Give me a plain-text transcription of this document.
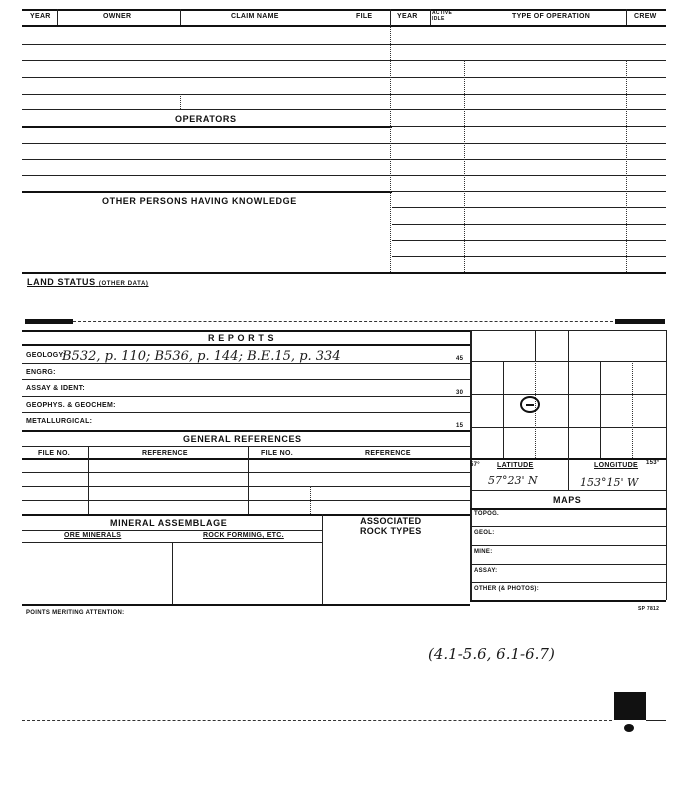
YEAR	OWNER	CLAIM NAME	FILE	YEAR	ACTIVE
IDLE	TYPE OF OPERATION	CREW
OPERATORS
OTHER PERSONS HAVING KNOWLEDGE
LAND STATUS (OTHER DATA)
R E P O R T S
GEOLOGY:
B532, p. 110; B536, p. 144; B.E.15, p. 334	45
ENGRG:
ASSAY & IDENT:
30
GEOPHYS. & GEOCHEM:
METALLURGICAL:
15
57° LATITUDE	LONGITUDE 153°
57°23' N	153°15' W
MAPS
TOPOG.
GEOL:
MINE:
ASSAY:
OTHER (& PHOTOS):
GENERAL REFERENCES
FILE NO.	REFERENCE	FILE NO.	REFERENCE
MINERAL ASSEMBLAGE	ASSOCIATED
ROCK TYPES
ORE MINERALS	ROCK FORMING, ETC.
POINTS MERITING ATTENTION:
SP 7812
(4.1-5.6, 6.1-6.7)
